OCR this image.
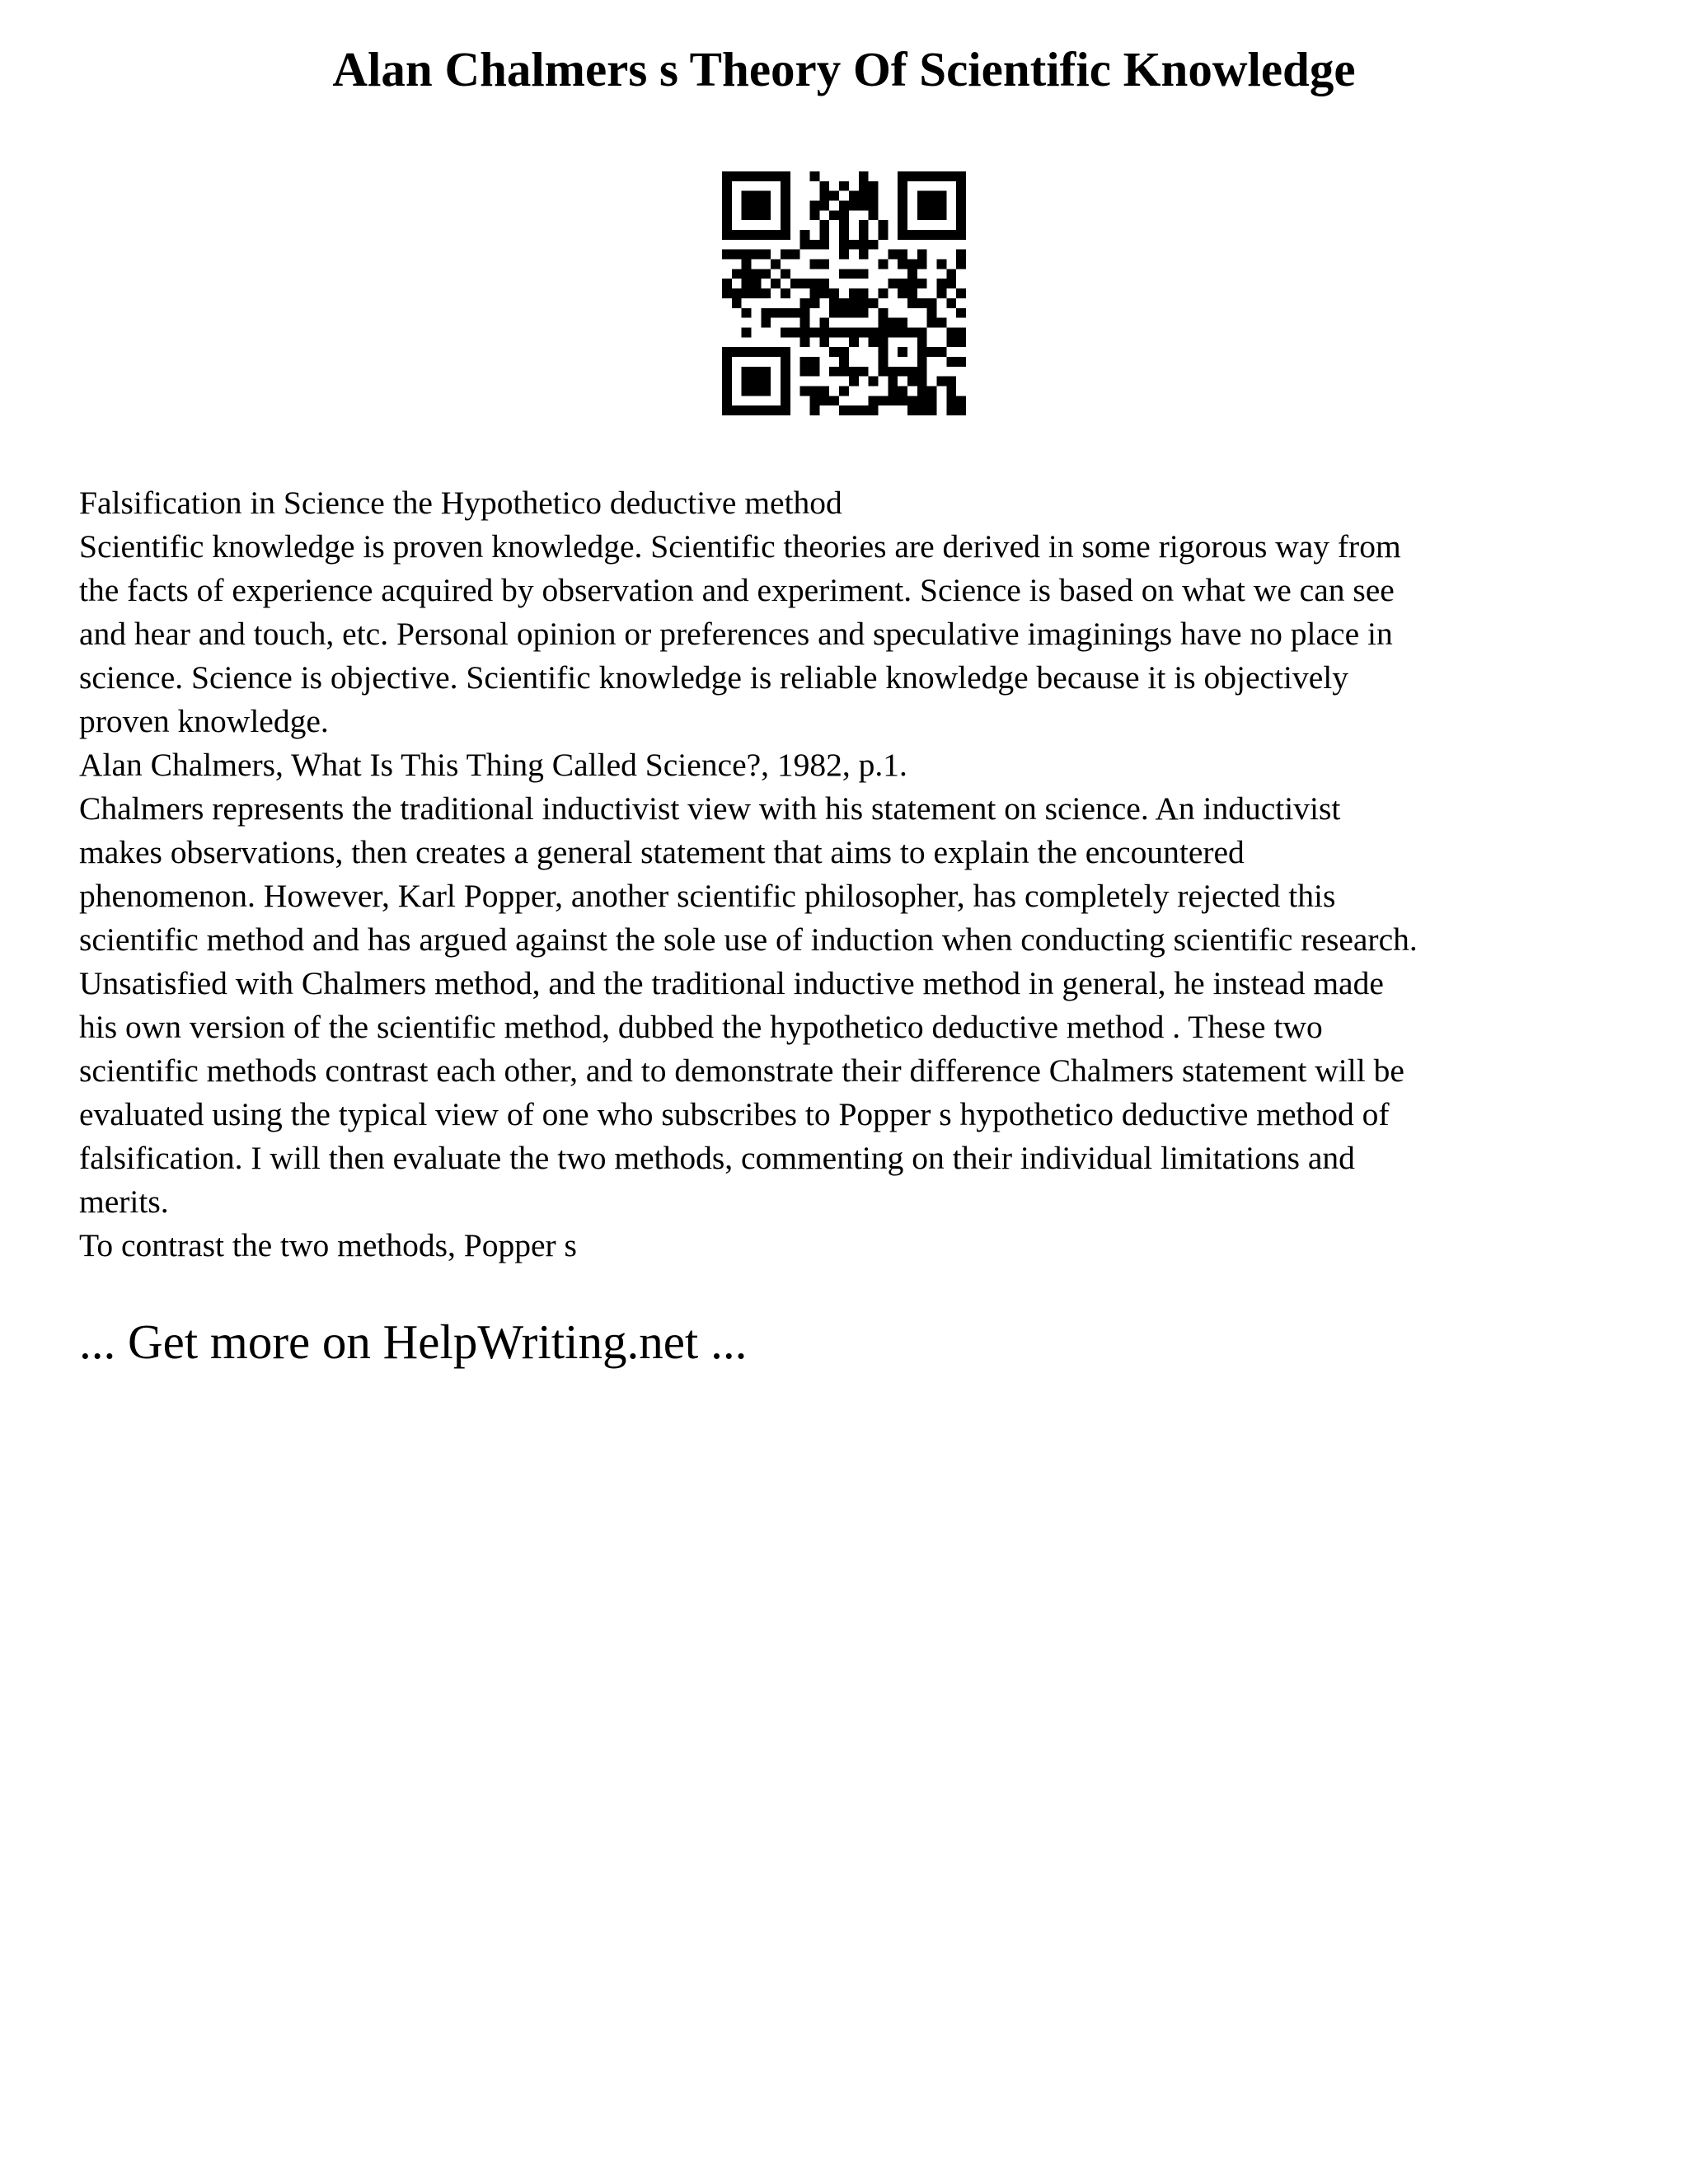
Alan Chalmers s Theory Of Scientific Knowledge
Falsification in Science the Hypothetico deductive method
Scientific knowledge is proven knowledge. Scientific theories are derived in some rigorous way from
the facts of experience acquired by observation and experiment. Science is based on what we can see
and hear and touch, etc. Personal opinion or preferences and speculative imaginings have no place in
science. Science is objective. Scientific knowledge is reliable knowledge because it is objectively
proven knowledge.
Alan Chalmers, What Is This Thing Called Science?, 1982, p.1.
Chalmers represents the traditional inductivist view with his statement on science. An inductivist
makes observations, then creates a general statement that aims to explain the encountered
phenomenon. However, Karl Popper, another scientific philosopher, has completely rejected this
scientific method and has argued against the sole use of induction when conducting scientific research.
Unsatisfied with Chalmers method, and the traditional inductive method in general, he instead made
his own version of the scientific method, dubbed the hypothetico deductive method . These two
scientific methods contrast each other, and to demonstrate their difference Chalmers statement will be
evaluated using the typical view of one who subscribes to Popper s hypothetico deductive method of
falsification. I will then evaluate the two methods, commenting on their individual limitations and
merits.
To contrast the two methods, Popper s
... Get more on HelpWriting.net ...
